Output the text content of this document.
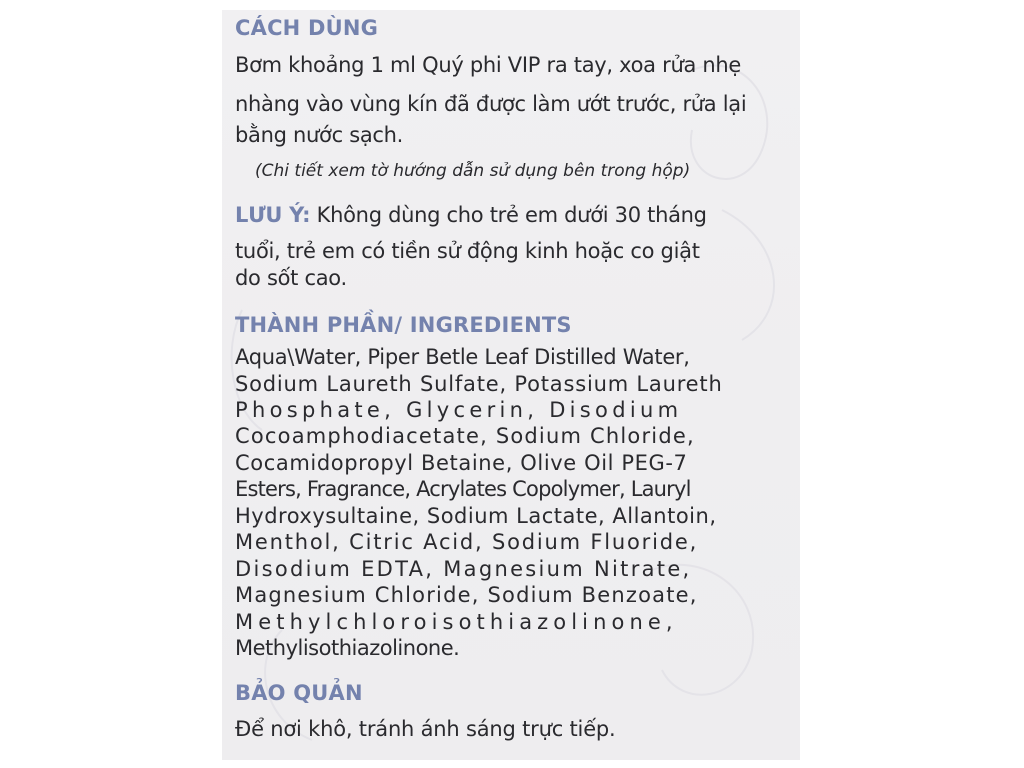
CÁCH DÙNG
Bơm khoảng 1 ml Quý phi VIP ra tay, xoa rửa nhẹ
nhàng vào vùng kín đã được làm ướt trước, rửa lại
bằng nước sạch.
(Chi tiết xem tờ hướng dẫn sử dụng bên trong hộp)
LƯU Ý: Không dùng cho trẻ em dưới 30 tháng
tuổi, trẻ em có tiền sử động kinh hoặc co giật
do sốt cao.
THÀNH PHẦN/ INGREDIENTS
Aqua\Water, Piper Betle Leaf Distilled Water,
Sodium Laureth Sulfate, Potassium Laureth
Phosphate, Glycerin, Disodium
Cocoamphodiacetate, Sodium Chloride,
Cocamidopropyl Betaine, Olive Oil PEG-7
Esters, Fragrance, Acrylates Copolymer, Lauryl
Hydroxysultaine, Sodium Lactate, Allantoin,
Menthol, Citric Acid, Sodium Fluoride,
Disodium EDTA, Magnesium Nitrate,
Magnesium Chloride, Sodium Benzoate,
Methylchloroisothiazolinone,
Methylisothiazolinone.
BẢO QUẢN
Để nơi khô, tránh ánh sáng trực tiếp.
